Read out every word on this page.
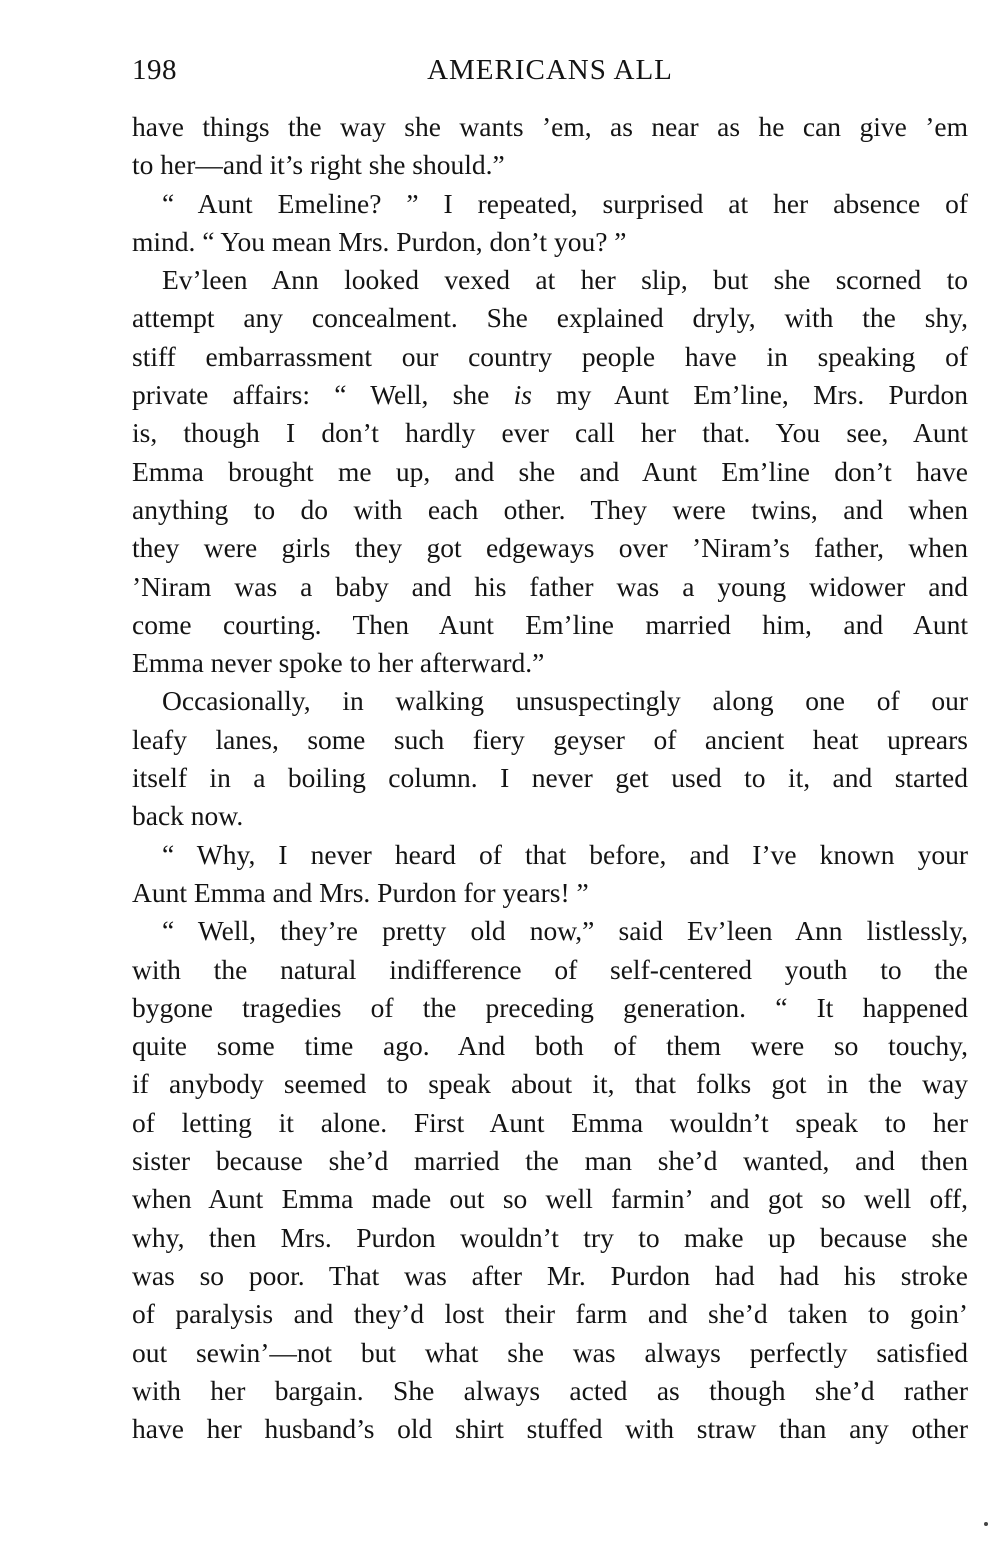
198	AMERICANS ALL
have things the way she wants ’em, as near as he can give ’em
to her—and it’s right she should.”
“ Aunt Emeline? ” I repeated, surprised at her absence of
mind. “ You mean Mrs. Purdon, don’t you? ”
Ev’leen Ann looked vexed at her slip, but she scorned to
attempt any concealment. She explained dryly, with the shy,
stiff embarrassment our country people have in speaking of
private affairs: “ Well, she is my Aunt Em’line, Mrs. Purdon
is, though I don’t hardly ever call her that. You see, Aunt
Emma brought me up, and she and Aunt Em’line don’t have
anything to do with each other. They were twins, and when
they were girls they got edgeways over ’Niram’s father, when
’Niram was a baby and his father was a young widower and
come courting. Then Aunt Em’line married him, and Aunt
Emma never spoke to her afterward.”
Occasionally, in walking unsuspectingly along one of our
leafy lanes, some such fiery geyser of ancient heat uprears
itself in a boiling column. I never get used to it, and started
back now.
“ Why, I never heard of that before, and I’ve known your
Aunt Emma and Mrs. Purdon for years! ”
“ Well, they’re pretty old now,” said Ev’leen Ann listlessly,
with the natural indifference of self-centered youth to the
bygone tragedies of the preceding generation. “ It happened
quite some time ago. And both of them were so touchy,
if anybody seemed to speak about it, that folks got in the way
of letting it alone. First Aunt Emma wouldn’t speak to her
sister because she’d married the man she’d wanted, and then
when Aunt Emma made out so well farmin’ and got so well off,
why, then Mrs. Purdon wouldn’t try to make up because she
was so poor. That was after Mr. Purdon had had his stroke
of paralysis and they’d lost their farm and she’d taken to goin’
out sewin’—not but what she was always perfectly satisfied
with her bargain. She always acted as though she’d rather
have her husband’s old shirt stuffed with straw than any other
